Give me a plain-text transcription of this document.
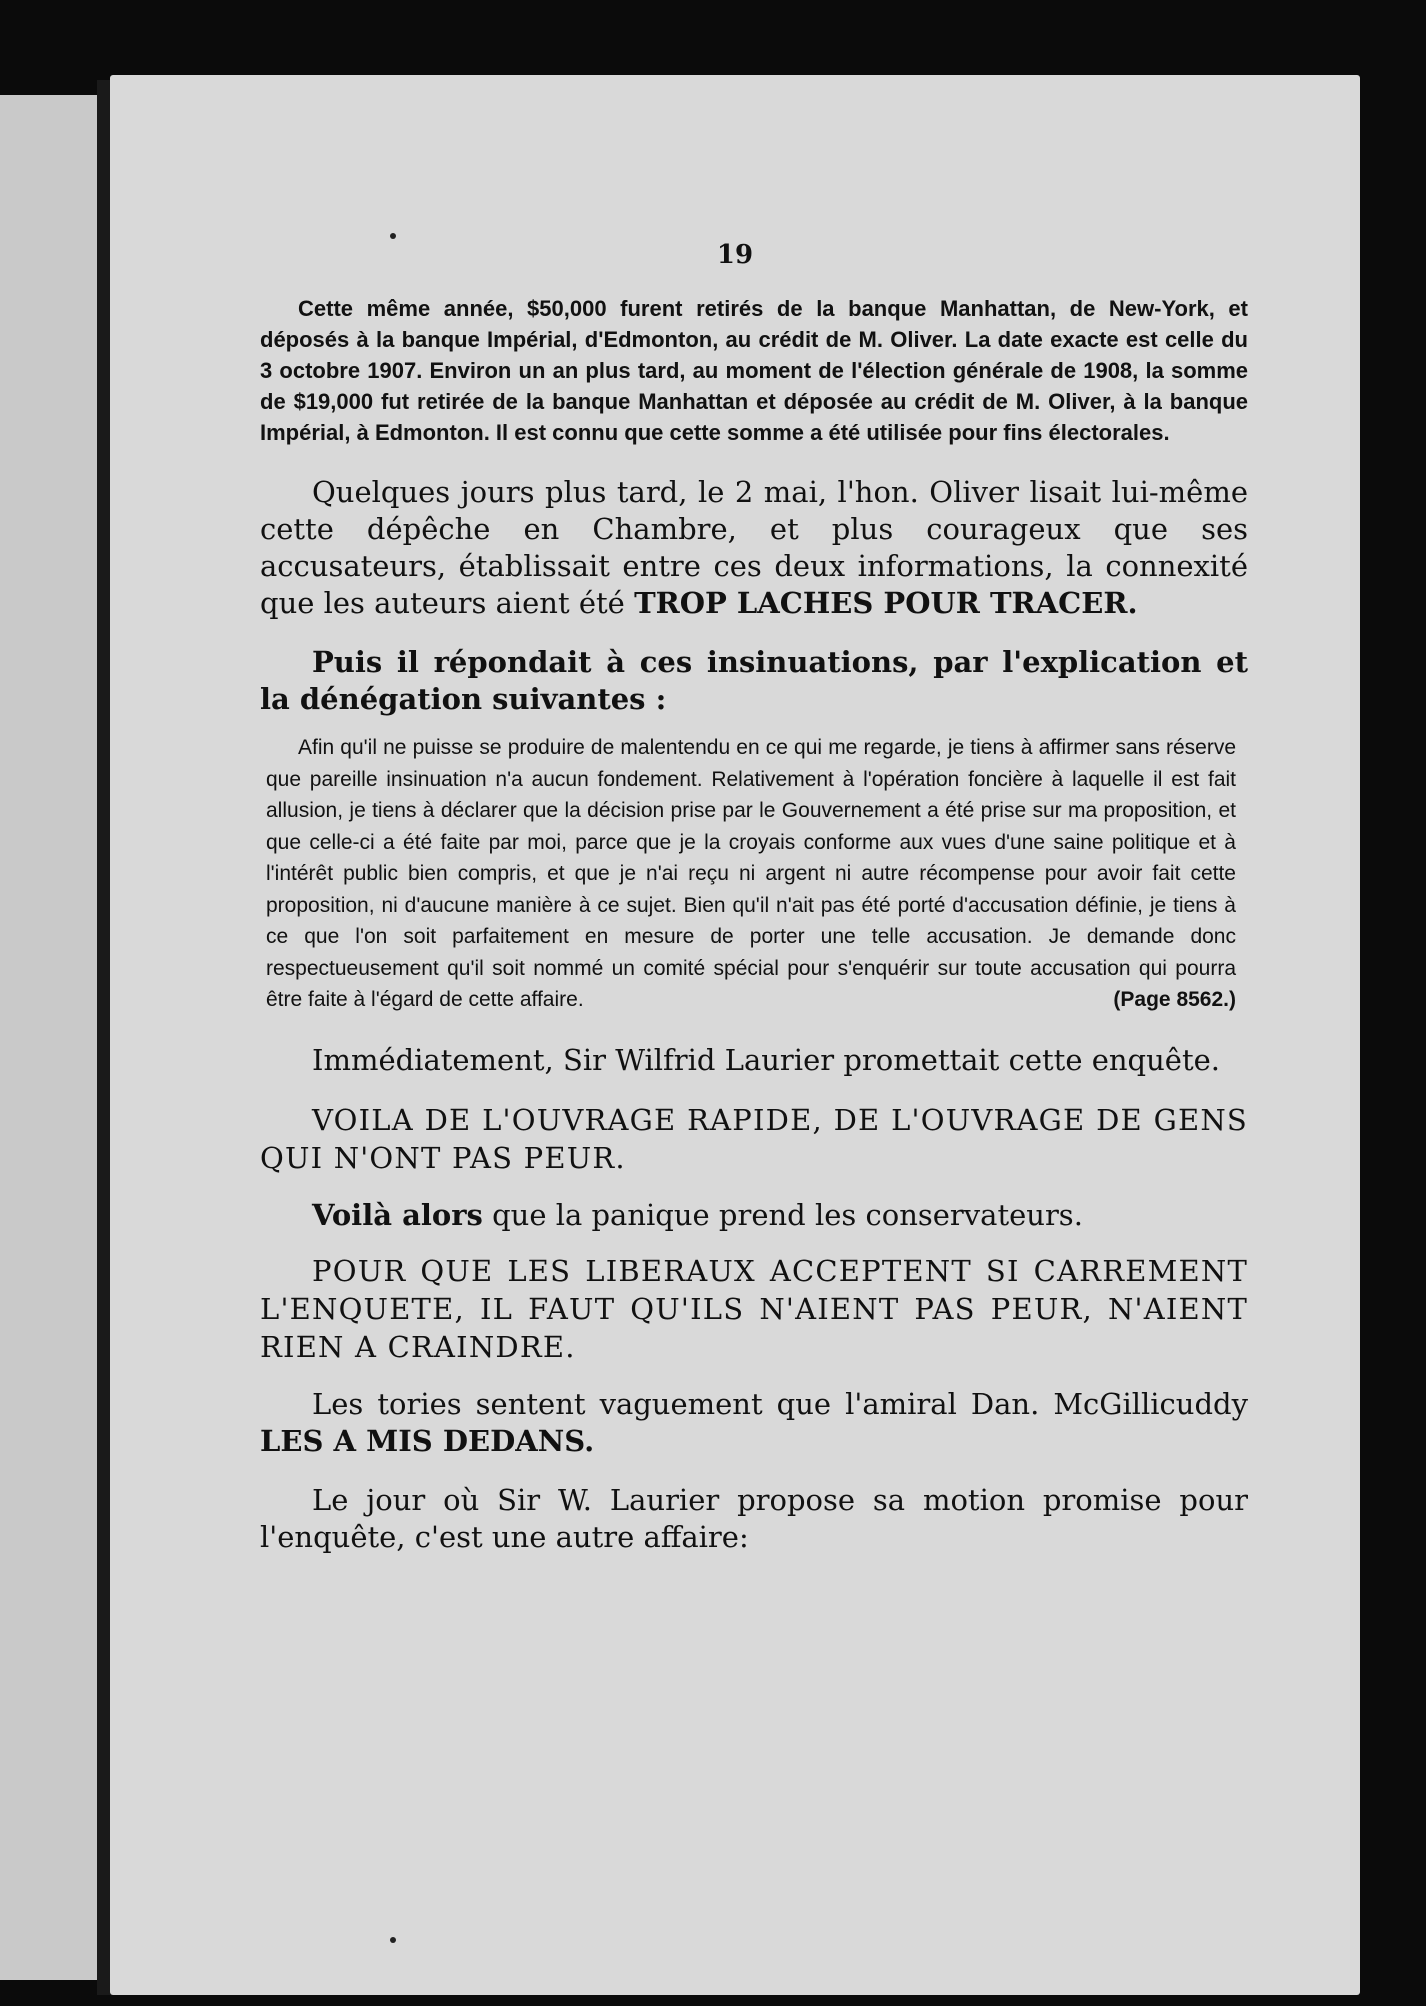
19

Cette même année, $50,000 furent retirés de la banque Manhattan, de New-York, et déposés à la banque Impérial, d'Edmonton, au crédit de M. Oliver. La date exacte est celle du 3 octobre 1907. Environ un an plus tard, au moment de l'élection générale de 1908, la somme de $19,000 fut retirée de la banque Manhattan et déposée au crédit de M. Oliver, à la banque Impérial, à Edmonton. Il est connu que cette somme a été utilisée pour fins électorales.

Quelques jours plus tard, le 2 mai, l'hon. Oliver lisait lui-même cette dépêche en Chambre, et plus courageux que ses accusateurs, établissait entre ces deux informations, la connexité que les auteurs aient été TROP LACHES POUR TRACER.

Puis il répondait à ces insinuations, par l'explication et la dénégation suivantes :

Afin qu'il ne puisse se produire de malentendu en ce qui me regarde, je tiens à affirmer sans réserve que pareille insinuation n'a aucun fondement. Relativement à l'opération foncière à laquelle il est fait allusion, je tiens à déclarer que la décision prise par le Gouvernement a été prise sur ma proposition, et que celle-ci a été faite par moi, parce que je la croyais conforme aux vues d'une saine politique et à l'intérêt public bien compris, et que je n'ai reçu ni argent ni autre récompense pour avoir fait cette proposition, ni d'aucune manière à ce sujet. Bien qu'il n'ait pas été porté d'accusation définie, je tiens à ce que l'on soit parfaitement en mesure de porter une telle accusation. Je demande donc respectueusement qu'il soit nommé un comité spécial pour s'enquérir sur toute accusation qui pourra être faite à l'égard de cette affaire.	(Page 8562.)

Immédiatement, Sir Wilfrid Laurier promettait cette enquête.

VOILA DE L'OUVRAGE RAPIDE, DE L'OUVRAGE DE GENS QUI N'ONT PAS PEUR.

Voilà alors que la panique prend les conservateurs.

POUR QUE LES LIBERAUX ACCEPTENT SI CARREMENT L'ENQUETE, IL FAUT QU'ILS N'AIENT PAS PEUR, N'AIENT RIEN A CRAINDRE.

Les tories sentent vaguement que l'amiral Dan. McGillicuddy LES A MIS DEDANS.

Le jour où Sir W. Laurier propose sa motion promise pour l'enquête, c'est une autre affaire:
